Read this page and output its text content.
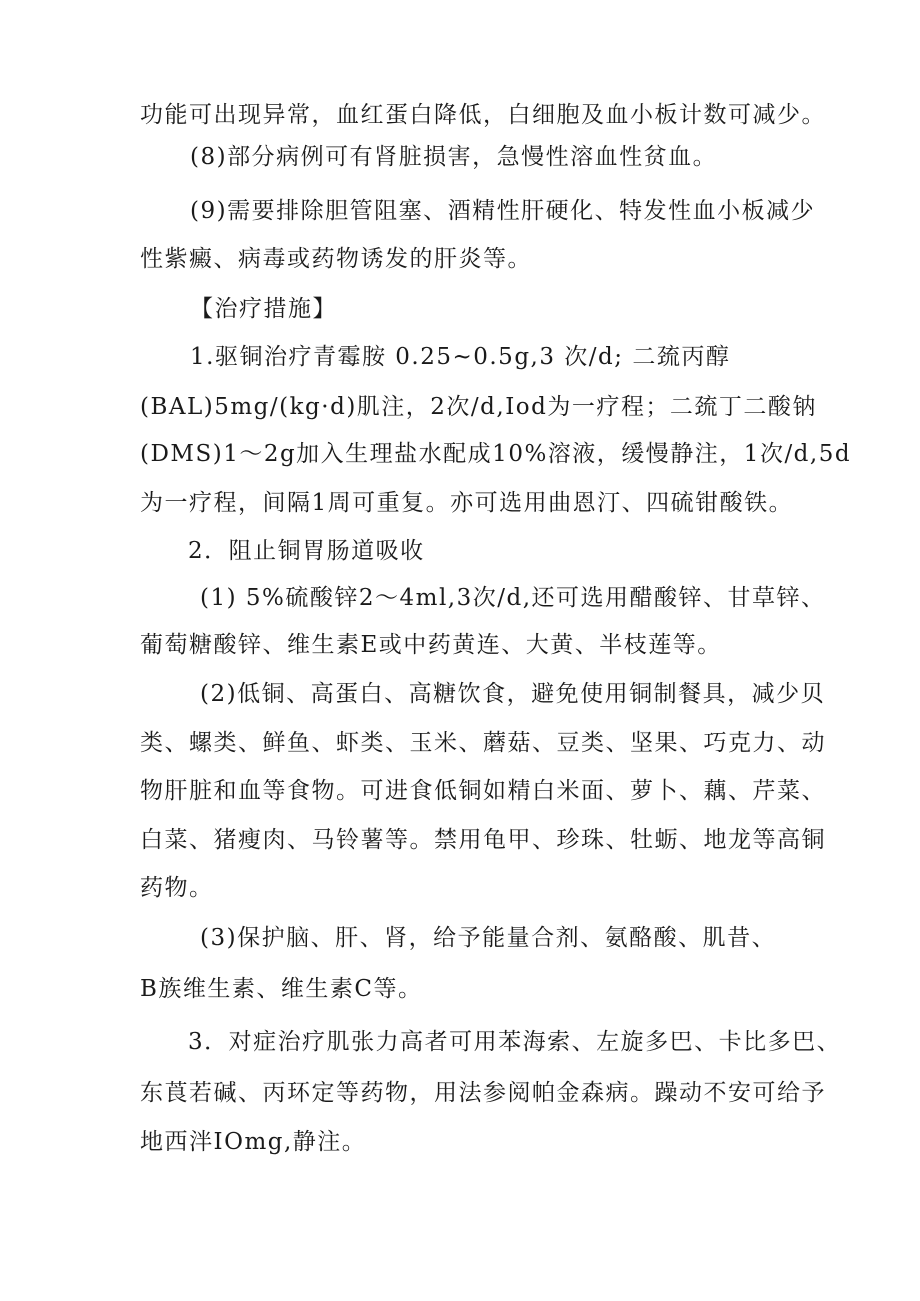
功能可出现异常，血红蛋白降低，白细胞及血小板计数可减少。

(8)部分病例可有肾脏损害，急慢性溶血性贫血。

(9)需要排除胆管阻塞、酒精性肝硬化、特发性血小板减少

性紫癜、病毒或药物诱发的肝炎等。

【治疗措施】

1.驱铜治疗青霉胺 0.25~0.5g,3 次/d; 二巯丙醇

(BAL)5mg/(kg·d)肌注，2次/d,Iod为一疗程；二巯丁二酸钠

(DMS)1～2g加入生理盐水配成10%溶液，缓慢静注，1次/d,5d

为一疗程，间隔1周可重复。亦可选用曲恩汀、四硫钳酸铁。

2．阻止铜胃肠道吸收

(1) 5%硫酸锌2～4ml,3次/d,还可选用醋酸锌、甘草锌、

葡萄糖酸锌、维生素E或中药黄连、大黄、半枝莲等。

(2)低铜、高蛋白、高糖饮食，避免使用铜制餐具，减少贝

类、螺类、鲜鱼、虾类、玉米、蘑菇、豆类、坚果、巧克力、动

物肝脏和血等食物。可进食低铜如精白米面、萝卜、藕、芹菜、

白菜、猪瘦肉、马铃薯等。禁用龟甲、珍珠、牡蛎、地龙等高铜

药物。

(3)保护脑、肝、肾，给予能量合剂、氨酪酸、肌昔、

B族维生素、维生素C等。

3．对症治疗肌张力高者可用苯海索、左旋多巴、卡比多巴、

东莨若碱、丙环定等药物，用法参阅帕金森病。躁动不安可给予

地西泮IOmg,静注。
